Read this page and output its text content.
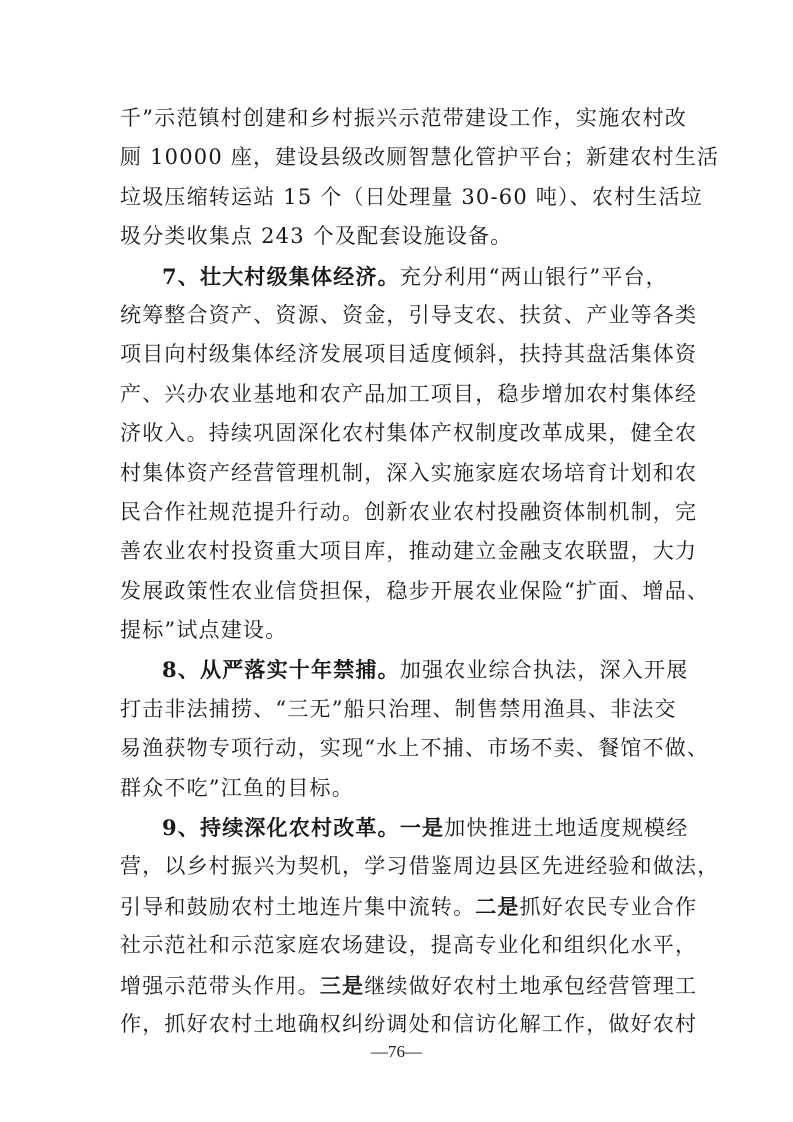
千”示范镇村创建和乡村振兴示范带建设工作，实施农村改
厕 10000 座，建设县级改厕智慧化管护平台；新建农村生活
垃圾压缩转运站 15 个（日处理量 30-60 吨）、农村生活垃
圾分类收集点 243 个及配套设施设备。
7、壮大村级集体经济。充分利用“两山银行”平台，
统筹整合资产、资源、资金，引导支农、扶贫、产业等各类
项目向村级集体经济发展项目适度倾斜，扶持其盘活集体资
产、兴办农业基地和农产品加工项目，稳步增加农村集体经
济收入。持续巩固深化农村集体产权制度改革成果，健全农
村集体资产经营管理机制，深入实施家庭农场培育计划和农
民合作社规范提升行动。创新农业农村投融资体制机制，完
善农业农村投资重大项目库，推动建立金融支农联盟，大力
发展政策性农业信贷担保，稳步开展农业保险“扩面、增品、
提标”试点建设。
8、从严落实十年禁捕。加强农业综合执法，深入开展
打击非法捕捞、“三无”船只治理、制售禁用渔具、非法交
易渔获物专项行动，实现“水上不捕、市场不卖、餐馆不做、
群众不吃”江鱼的目标。
9、持续深化农村改革。一是加快推进土地适度规模经
营，以乡村振兴为契机，学习借鉴周边县区先进经验和做法，
引导和鼓励农村土地连片集中流转。二是抓好农民专业合作
社示范社和示范家庭农场建设，提高专业化和组织化水平，
增强示范带头作用。三是继续做好农村土地承包经营管理工
作，抓好农村土地确权纠纷调处和信访化解工作，做好农村
—76—
